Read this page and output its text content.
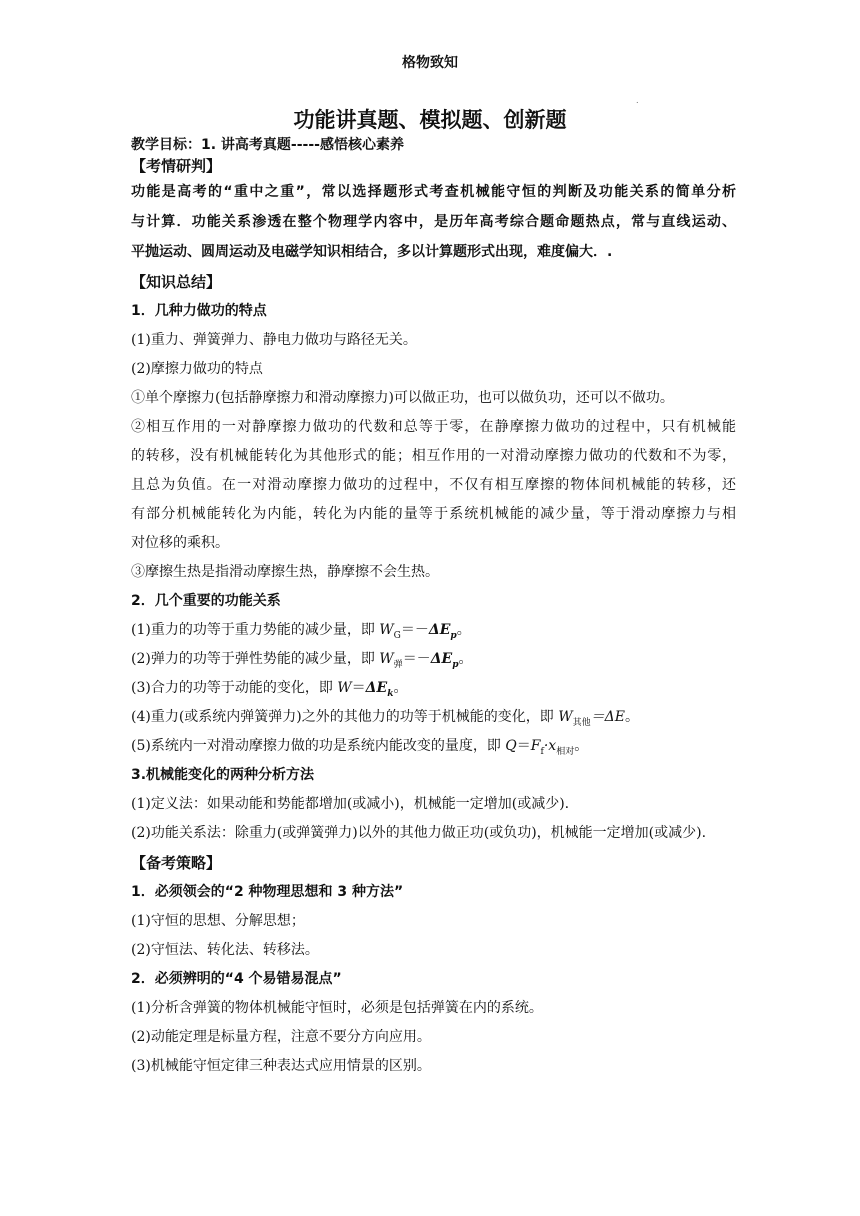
格物致知
.
功能讲真题、模拟题、创新题
教学目标：1. 讲高考真题-----感悟核心素养
【考情研判】
功能是高考的“重中之重”，常以选择题形式考查机械能守恒的判断及功能关系的简单分析
与计算．功能关系渗透在整个物理学内容中，是历年高考综合题命题热点，常与直线运动、
平抛运动、圆周运动及电磁学知识相结合，多以计算题形式出现，难度偏大．.
【知识总结】
1．几种力做功的特点
(1)重力、弹簧弹力、静电力做功与路径无关。
(2)摩擦力做功的特点
①单个摩擦力(包括静摩擦力和滑动摩擦力)可以做正功，也可以做负功，还可以不做功。
②相互作用的一对静摩擦力做功的代数和总等于零，在静摩擦力做功的过程中，只有机械能
的转移，没有机械能转化为其他形式的能；相互作用的一对滑动摩擦力做功的代数和不为零，
且总为负值。在一对滑动摩擦力做功的过程中，不仅有相互摩擦的物体间机械能的转移，还
有部分机械能转化为内能，转化为内能的量等于系统机械能的减少量，等于滑动摩擦力与相
对位移的乘积。
③摩擦生热是指滑动摩擦生热，静摩擦不会生热。
2．几个重要的功能关系
(1)重力的功等于重力势能的减少量，即 $W_G=-\Delta E_p$。
(2)弹力的功等于弹性势能的减少量，即 $W_弹=-\Delta E_p$。
(3)合力的功等于动能的变化，即 $W=\Delta E_k$。
(4)重力(或系统内弹簧弹力)之外的其他力的功等于机械能的变化，即 $W_{其他}=\Delta E$。
(5)系统内一对滑动摩擦力做的功是系统内能改变的量度，即 $Q=F_f\cdot x_{相对}$。
3.机械能变化的两种分析方法
(1)定义法：如果动能和势能都增加(或减小)，机械能一定增加(或减少).
(2)功能关系法：除重力(或弹簧弹力)以外的其他力做正功(或负功)，机械能一定增加(或减少).
【备考策略】
1．必须领会的“2 种物理思想和 3 种方法”
(1)守恒的思想、分解思想；
(2)守恒法、转化法、转移法。
2．必须辨明的“4 个易错易混点”
(1)分析含弹簧的物体机械能守恒时，必须是包括弹簧在内的系统。
(2)动能定理是标量方程，注意不要分方向应用。
(3)机械能守恒定律三种表达式应用情景的区别。
